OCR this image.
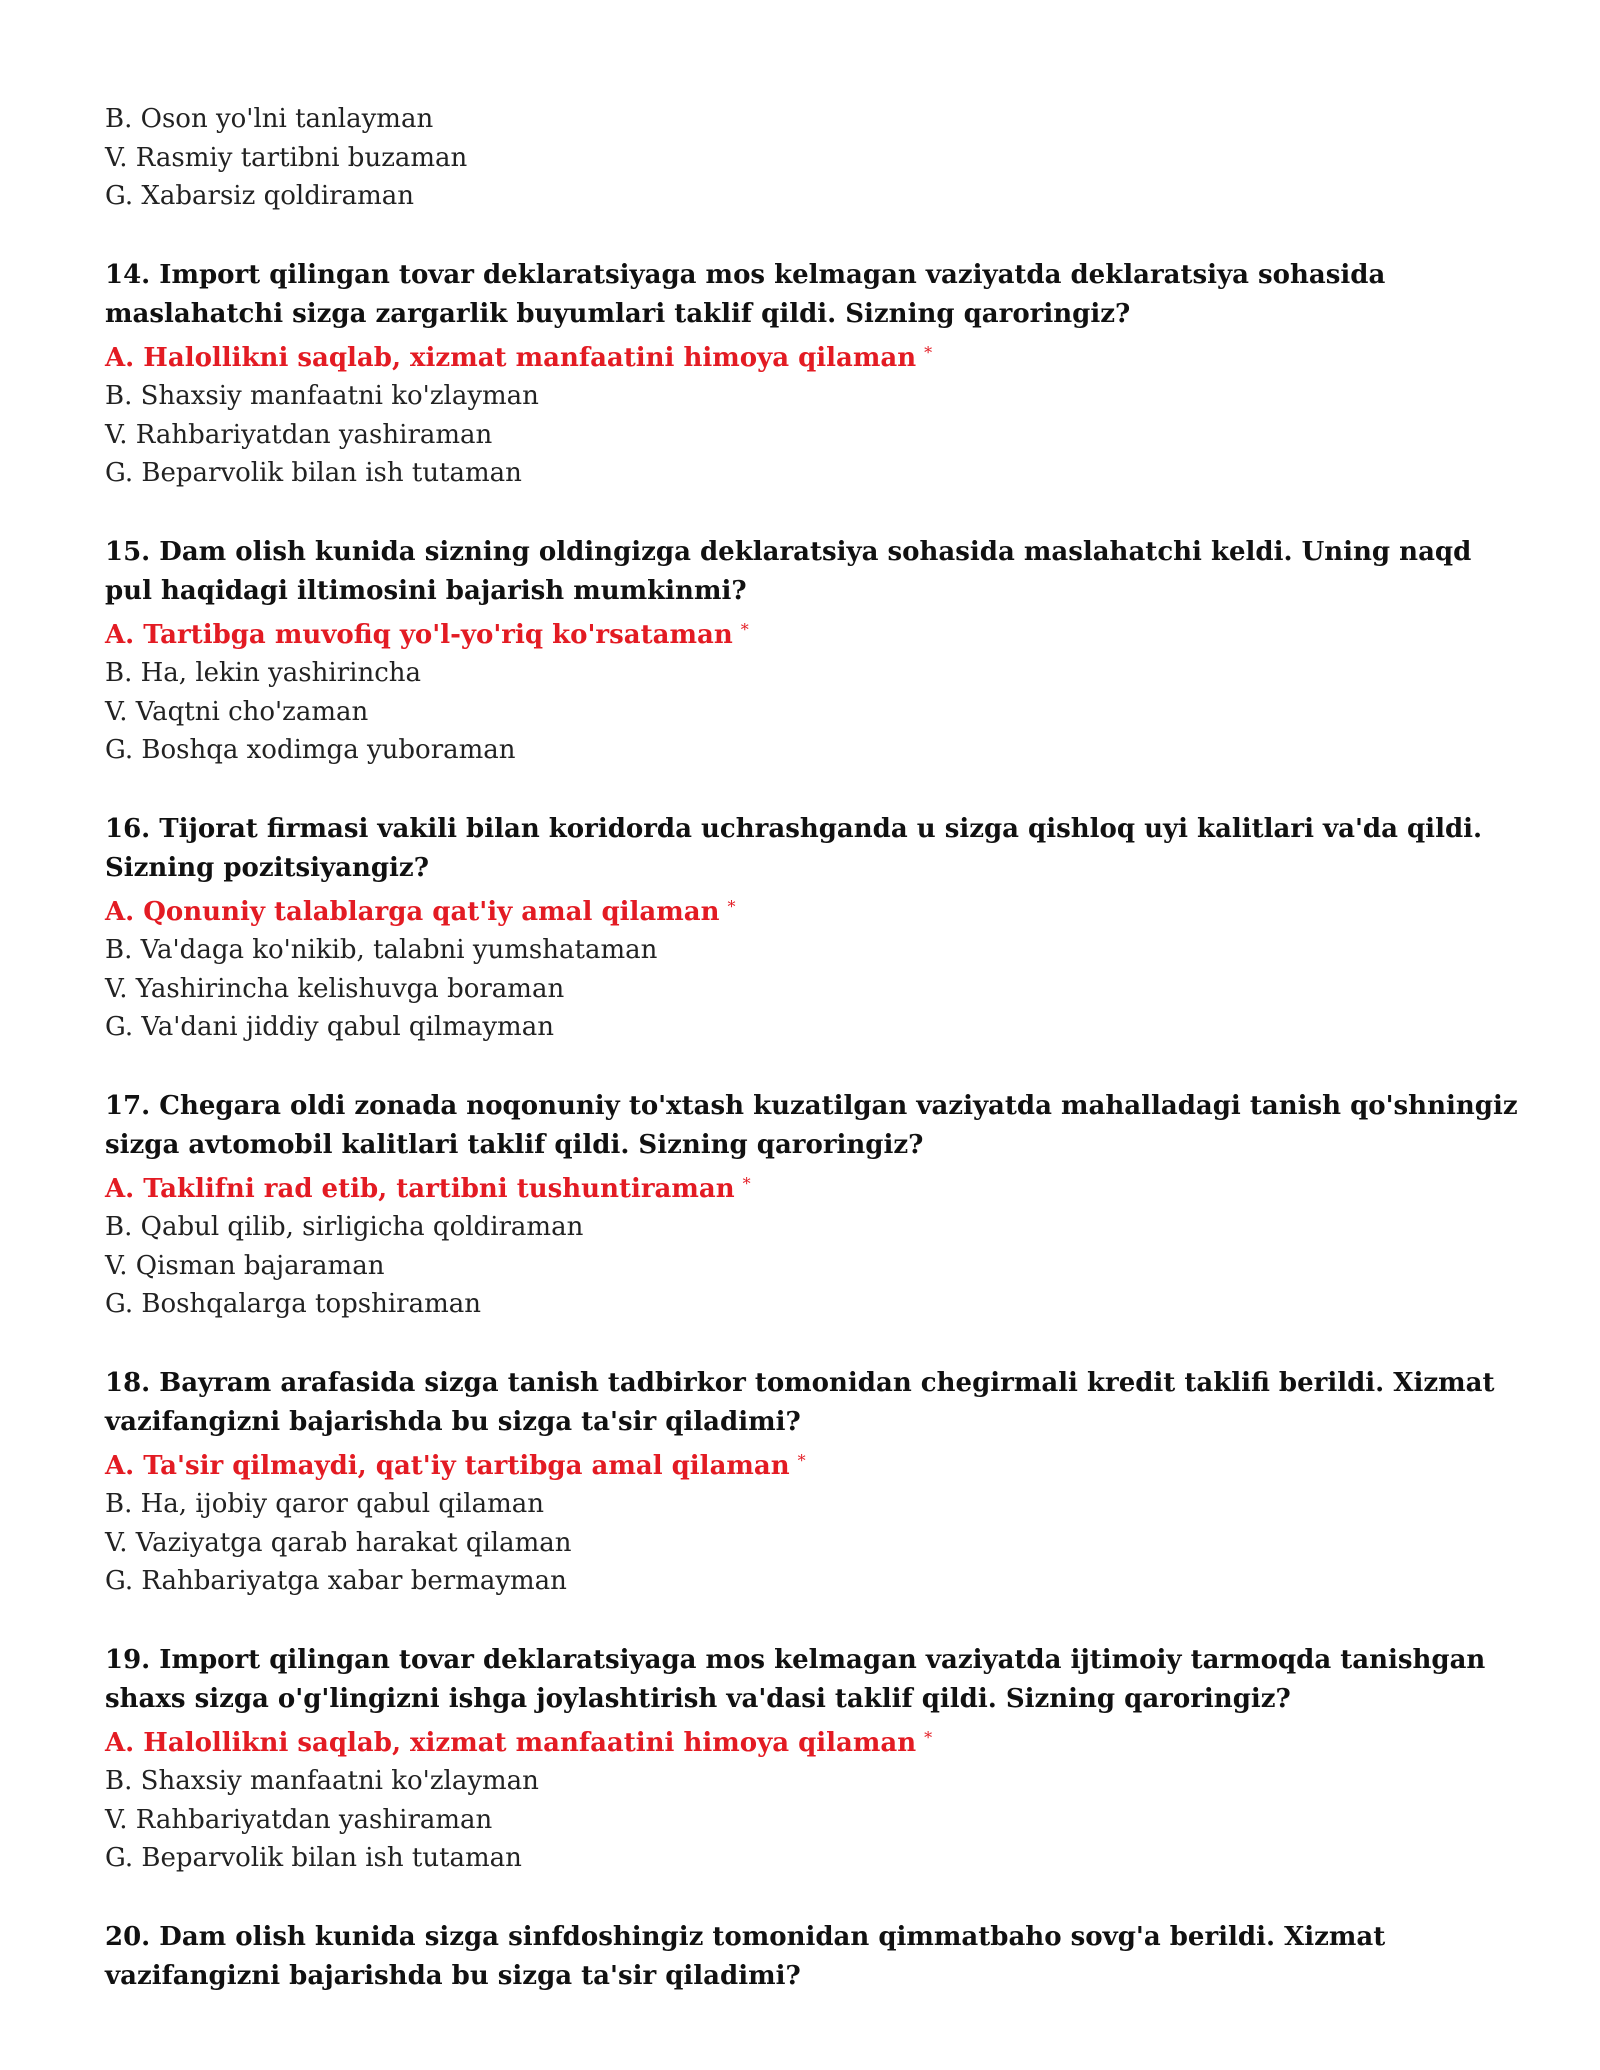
B. Oson yo'lni tanlayman
V. Rasmiy tartibni buzaman
G. Xabarsiz qoldiraman
14. Import qilingan tovar deklaratsiyaga mos kelmagan vaziyatda deklaratsiya sohasida maslahatchi sizga zargarlik buyumlari taklif qildi. Sizning qaroringiz?
A. Halollikni saqlab, xizmat manfaatini himoya qilaman *
B. Shaxsiy manfaatni ko'zlayman
V. Rahbariyatdan yashiraman
G. Beparvolik bilan ish tutaman
15. Dam olish kunida sizning oldingizga deklaratsiya sohasida maslahatchi keldi. Uning naqd pul haqidagi iltimosini bajarish mumkinmi?
A. Tartibga muvofiq yo'l-yo'riq ko'rsataman *
B. Ha, lekin yashirincha
V. Vaqtni cho'zaman
G. Boshqa xodimga yuboraman
16. Tijorat firmasi vakili bilan koridorda uchrashganda u sizga qishloq uyi kalitlari va'da qildi. Sizning pozitsiyangiz?
A. Qonuniy talablarga qat'iy amal qilaman *
B. Va'daga ko'nikib, talabni yumshataman
V. Yashirincha kelishuvga boraman
G. Va'dani jiddiy qabul qilmayman
17. Chegara oldi zonada noqonuniy to'xtash kuzatilgan vaziyatda mahalladagi tanish qo'shningiz sizga avtomobil kalitlari taklif qildi. Sizning qaroringiz?
A. Taklifni rad etib, tartibni tushuntiraman *
B. Qabul qilib, sirligicha qoldiraman
V. Qisman bajaraman
G. Boshqalarga topshiraman
18. Bayram arafasida sizga tanish tadbirkor tomonidan chegirmali kredit taklifi berildi. Xizmat vazifangizni bajarishda bu sizga ta'sir qiladimi?
A. Ta'sir qilmaydi, qat'iy tartibga amal qilaman *
B. Ha, ijobiy qaror qabul qilaman
V. Vaziyatga qarab harakat qilaman
G. Rahbariyatga xabar bermayman
19. Import qilingan tovar deklaratsiyaga mos kelmagan vaziyatda ijtimoiy tarmoqda tanishgan shaxs sizga o'g'lingizni ishga joylashtirish va'dasi taklif qildi. Sizning qaroringiz?
A. Halollikni saqlab, xizmat manfaatini himoya qilaman *
B. Shaxsiy manfaatni ko'zlayman
V. Rahbariyatdan yashiraman
G. Beparvolik bilan ish tutaman
20. Dam olish kunida sizga sinfdoshingiz tomonidan qimmatbaho sovg'a berildi. Xizmat vazifangizni bajarishda bu sizga ta'sir qiladimi?
